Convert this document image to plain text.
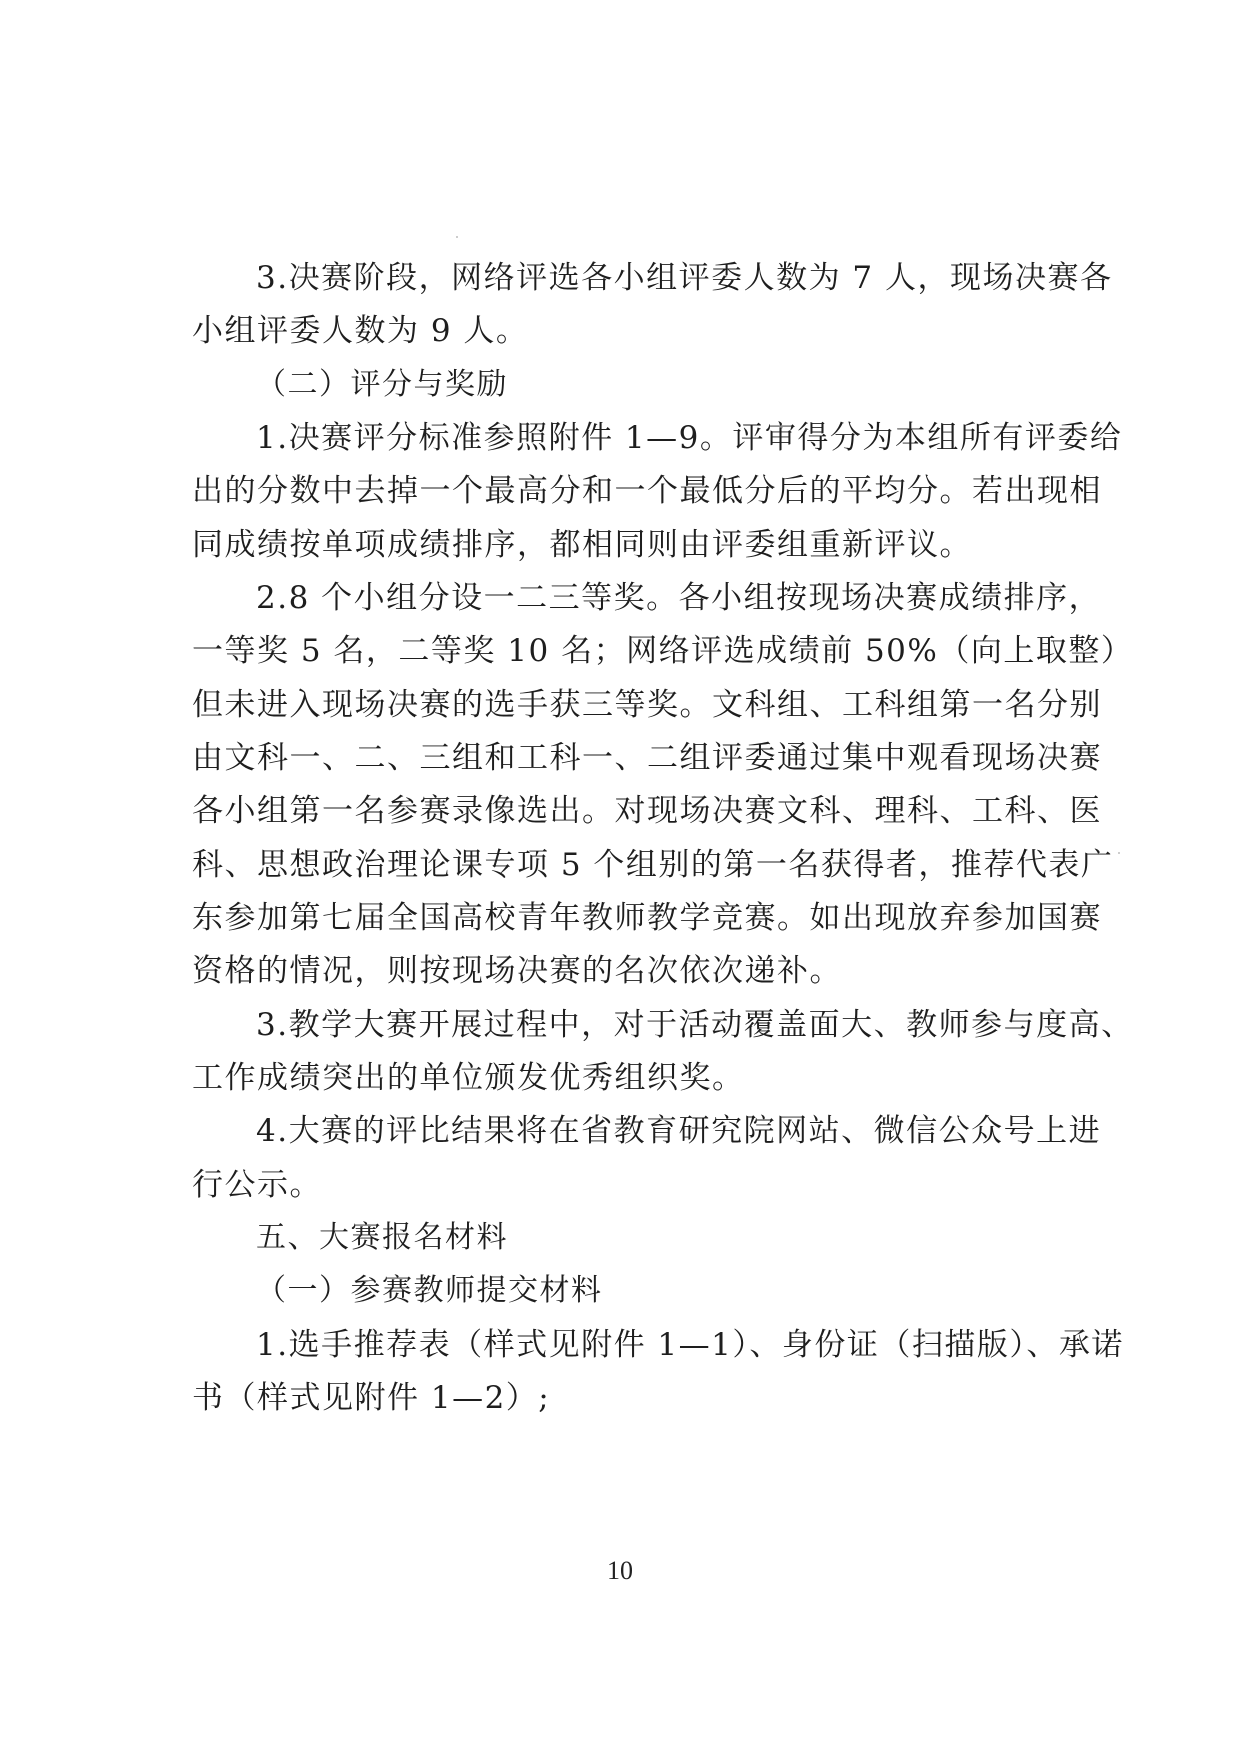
3.决赛阶段，网络评选各小组评委人数为 7 人，现场决赛各
小组评委人数为 9 人。
（二）评分与奖励
1.决赛评分标准参照附件 1—9。评审得分为本组所有评委给
出的分数中去掉一个最高分和一个最低分后的平均分。若出现相
同成绩按单项成绩排序，都相同则由评委组重新评议。
2.8 个小组分设一二三等奖。各小组按现场决赛成绩排序，
一等奖 5 名，二等奖 10 名；网络评选成绩前 50%（向上取整）
但未进入现场决赛的选手获三等奖。文科组、工科组第一名分别
由文科一、二、三组和工科一、二组评委通过集中观看现场决赛
各小组第一名参赛录像选出。对现场决赛文科、理科、工科、医
科、思想政治理论课专项 5 个组别的第一名获得者，推荐代表广
东参加第七届全国高校青年教师教学竞赛。如出现放弃参加国赛
资格的情况，则按现场决赛的名次依次递补。
3.教学大赛开展过程中，对于活动覆盖面大、教师参与度高、
工作成绩突出的单位颁发优秀组织奖。
4.大赛的评比结果将在省教育研究院网站、微信公众号上进
行公示。
五、大赛报名材料
（一）参赛教师提交材料
1.选手推荐表（样式见附件 1—1）、身份证（扫描版）、承诺
书（样式见附件 1—2）;
10
